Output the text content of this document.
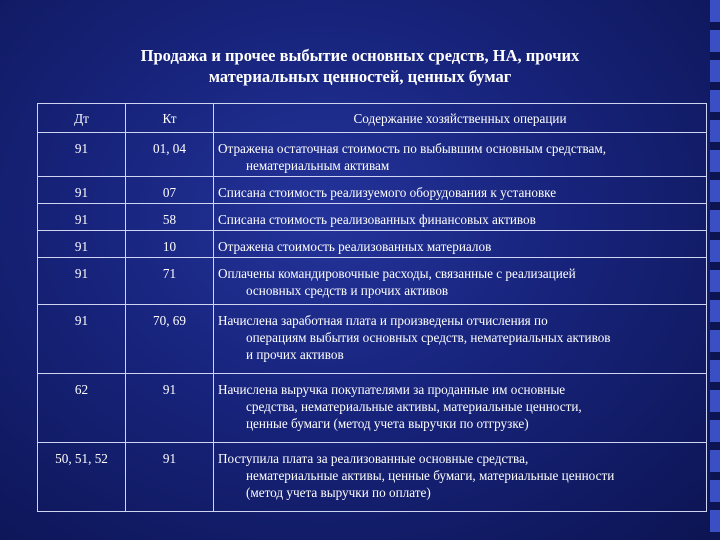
Продажа и прочее выбытие основных средств, НА, прочих
материальных ценностей, ценных бумаг
Дт	Кт	Содержание хозяйственных операции
91	01, 04	Отражена остаточная стоимость по выбывшим основным средствам,
нематериальным активам

91	07	Списана стоимость реализуемого оборудования к установке

91	58	Списана стоимость реализованных финансовых активов

91	10	Отражена стоимость реализованных материалов

91	71	Оплачены командировочные расходы, связанные с реализацией
основных средств и прочих активов

91	70, 69	Начислена заработная плата и произведены отчисления по
операциям выбытия основных средств, нематериальных активов
и прочих активов

62	91	Начислена выручка покупателями за проданные им основные
средства, нематериальные активы, материальные ценности,
ценные бумаги (метод учета выручки по отгрузке)

50, 51, 52	91	Поступила плата за реализованные основные средства,
нематериальные активы, ценные бумаги, материальные ценности
(метод учета выручки по оплате)
